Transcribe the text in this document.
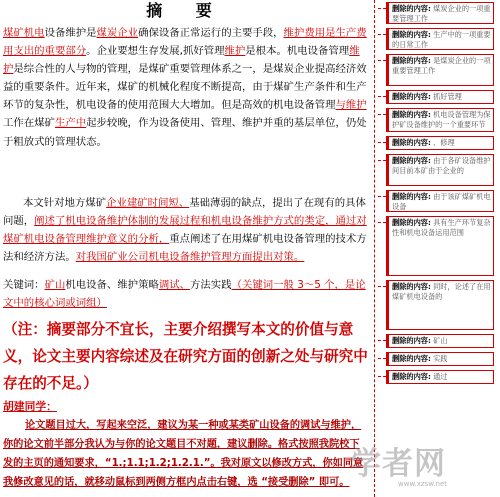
摘 要

煤矿机电设备维护是煤炭企业确保设备正常运行的主要手段，维护费用是生产费用支出的重要部分。企业要想生存发展,抓好管理维护是根本。机电设备管理维护是综合性的人与物的管理，是煤矿重要管理体系之一，是煤炭企业提高经济效益的重要条件。近年来，煤矿的机械化程度不断提高，由于煤矿生产条件和生产环节的复杂性，机电设备的使用范围大大增加。但是高效的机电设备管理与维护工作在煤矿生产中起步较晚，作为设备使用、管理、维护并重的基层单位，仍处于粗放式的管理状态。

本文针对地方煤矿企业建矿时间短、基础薄弱的缺点，提出了在现有的具体问题，阐述了机电设备维护体制的发展过程和机电设备维护方式的类定，通过对煤矿机电设备管理维护意义的分析，重点阐述了在用煤矿机电设备管理的技术方法和经济方法。对我国矿业公司机电设备维护管理方面提出对策。

关键词：矿山机电设备、维护策略调试、方法实践（关键词一般 3～5 个，是论文中的核心词或词组）

（注：摘要部分不宜长，主要介绍撰写本文的价值与意义，论文主要内容综述及在研究方面的创新之处与研究中存在的不足。）
胡建同学：
论文题目过大，写起来空泛，建议为某一种或某类矿山设备的调试与维护，你的论文前半部分我认为与你的论文题目不对题，建议删除。格式按照我院校下发的主页的通知要求，“1.;1.1;1.2;1.2.1.”。我对原文以修改方式，你如同意我修改意见的话，就移动鼠标到两侧方框内点击右键，选 “接受删除” 即可。
删除的内容: 煤炭企业的一项重要管理工作
删除的内容: 生产中的一项重要的日常工作
删除的内容: 是煤炭企业的一项重要管理工作
删除的内容: 抓好管理
删除的内容: 机电设备管理为保护矿设备维护的一个重要环节
删除的内容: 、修理
删除的内容: 由于各矿设备维护间目前本矿由于企业的
删除的内容: 由于该矿煤矿机电设备
删除的内容: 具有生产环节复杂性和机电设备运用范围
删除的内容: 同时，论述了在用煤矿机电设备的
删除的内容: 矿山
删除的内容: 实践
删除的内容: 通过
学者网
www.xzsw.net
